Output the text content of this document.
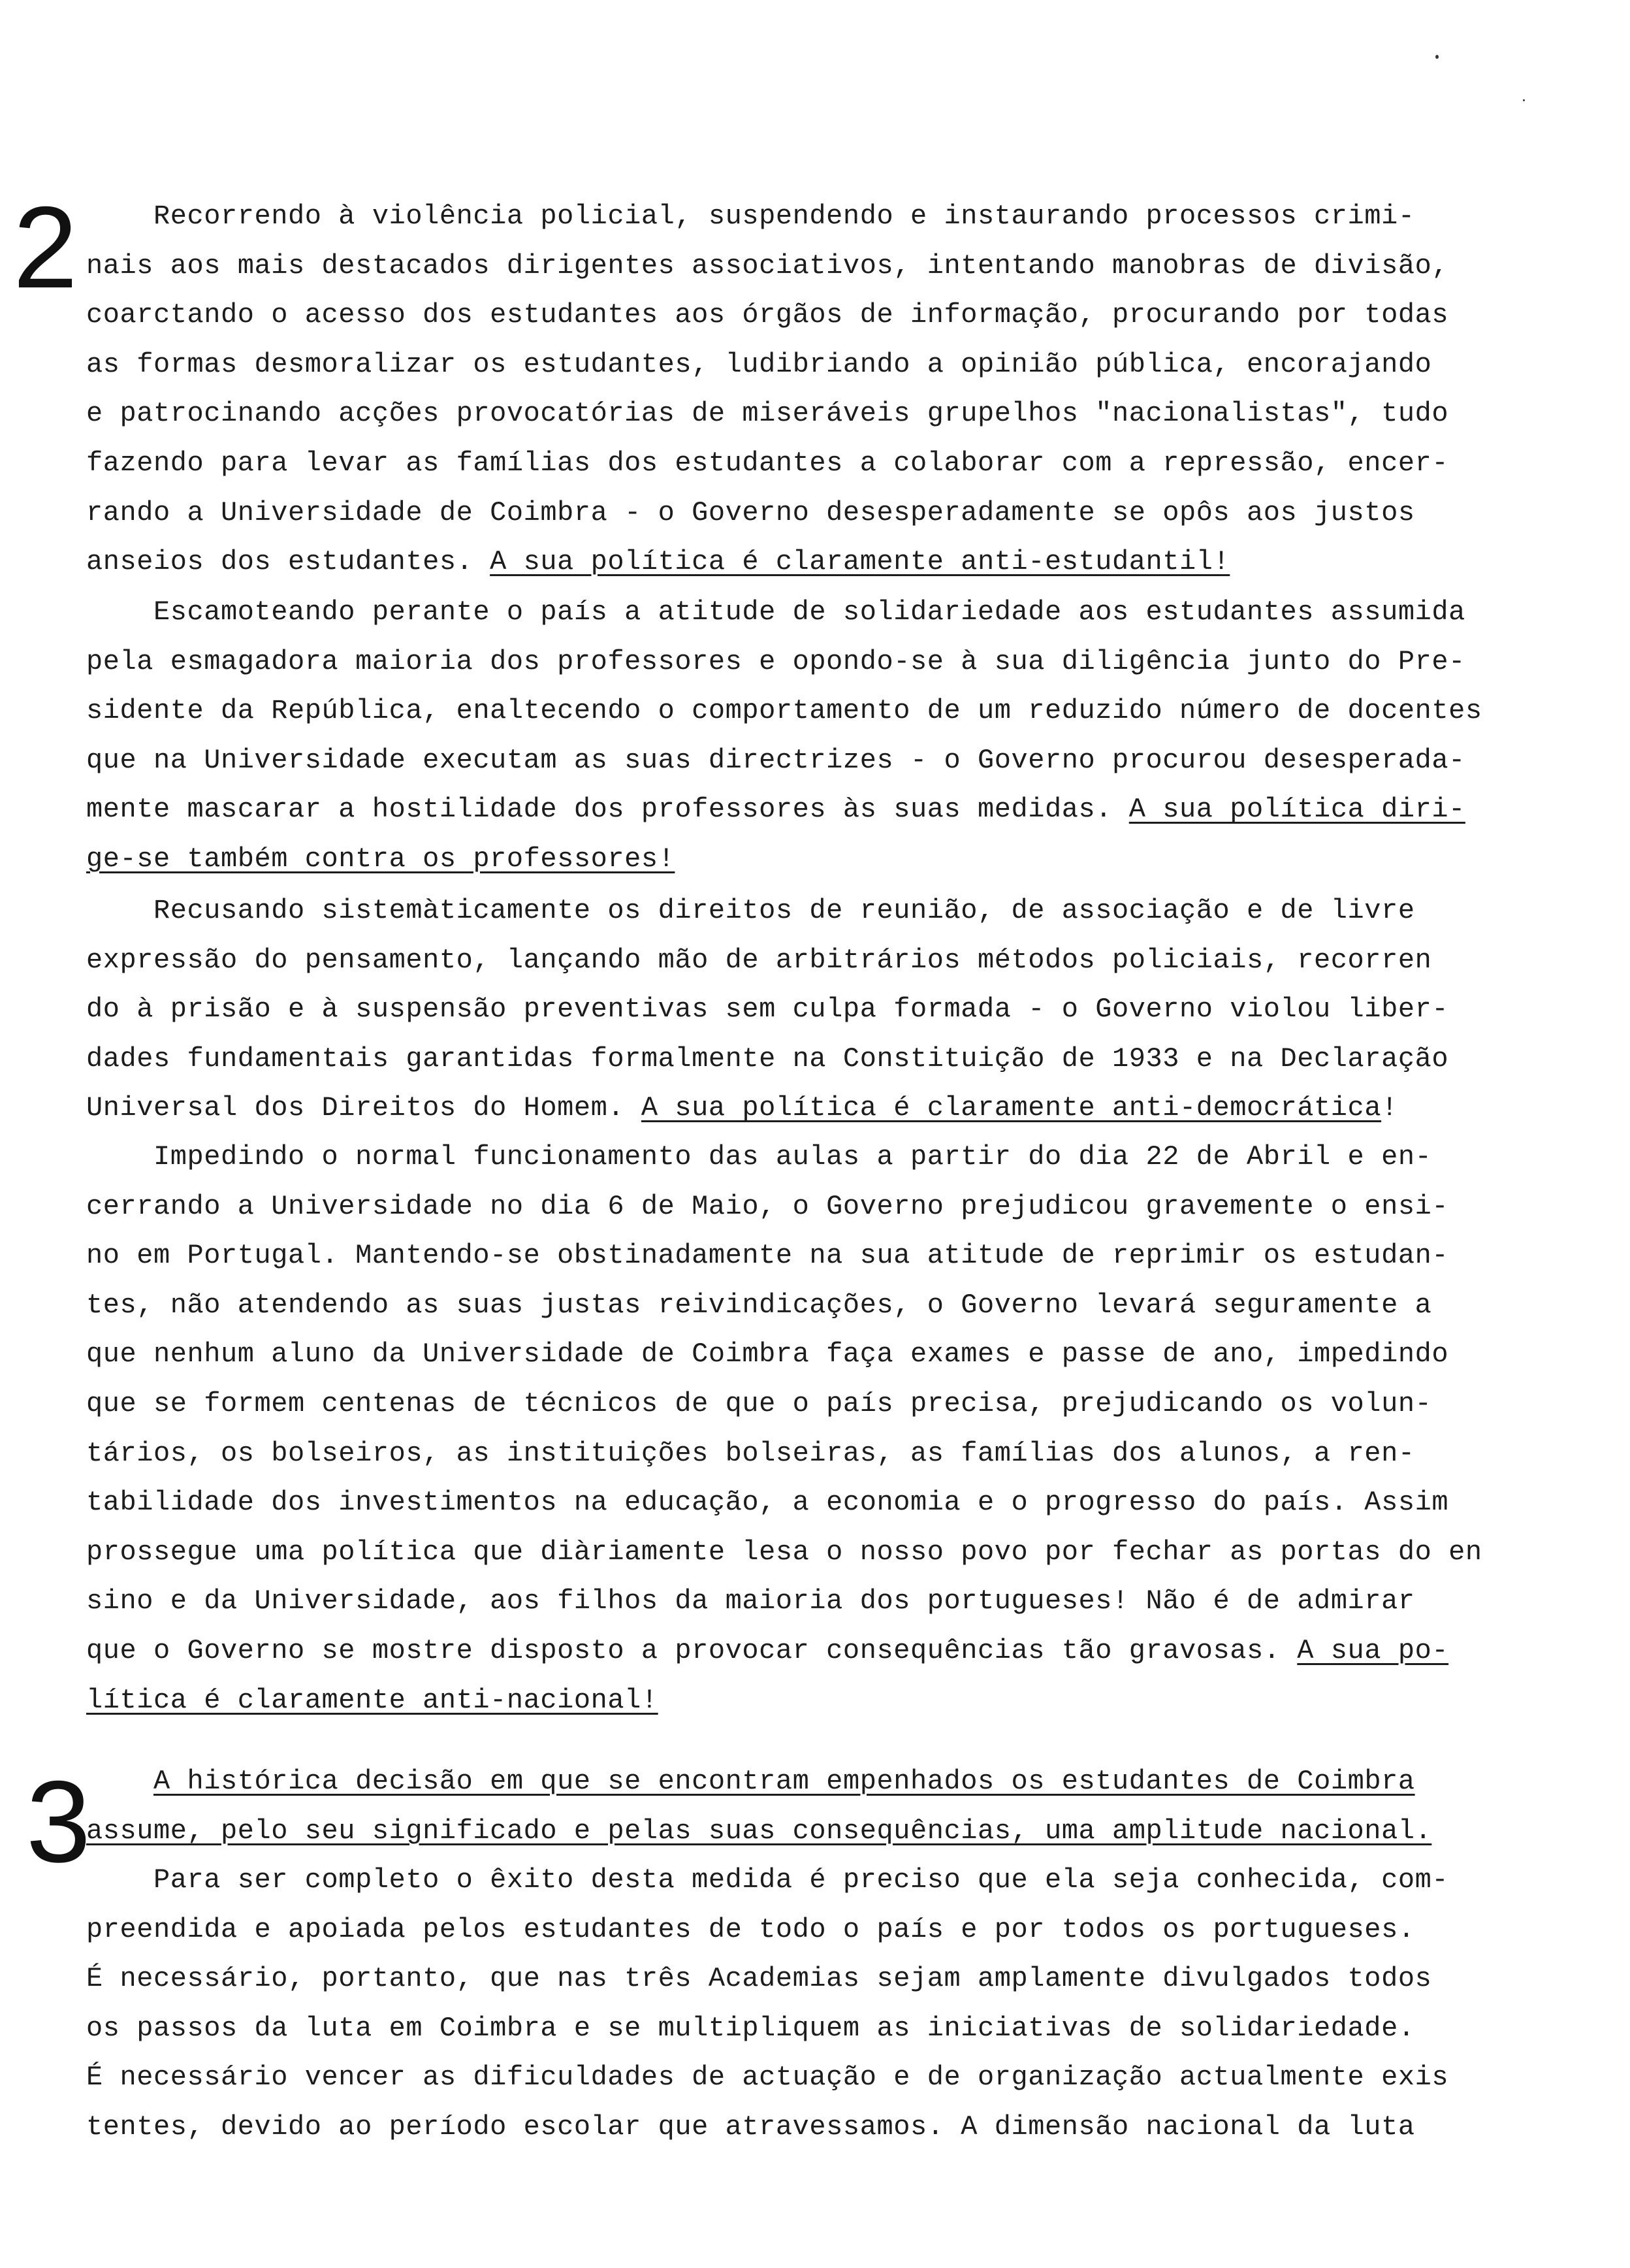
2
3
Recorrendo à violência policial, suspendendo e instaurando processos crimi-
nais aos mais destacados dirigentes associativos, intentando manobras de divisão,
coarctando o acesso dos estudantes aos órgãos de informação, procurando por todas
as formas desmoralizar os estudantes, ludibriando a opinião pública, encorajando
e patrocinando acções provocatórias de miseráveis grupelhos "nacionalistas", tudo
fazendo para levar as famílias dos estudantes a colaborar com a repressão, encer-
rando a Universidade de Coimbra - o Governo desesperadamente se opôs aos justos
anseios dos estudantes. A sua política é claramente anti-estudantil!
Escamoteando perante o país a atitude de solidariedade aos estudantes assumida
pela esmagadora maioria dos professores e opondo-se à sua diligência junto do Pre-
sidente da República, enaltecendo o comportamento de um reduzido número de docentes
que na Universidade executam as suas directrizes - o Governo procurou desesperada-
mente mascarar a hostilidade dos professores às suas medidas. A sua política diri-
ge-se também contra os professores!
Recusando sistemàticamente os direitos de reunião, de associação e de livre
expressão do pensamento, lançando mão de arbitrários métodos policiais, recorren
do à prisão e à suspensão preventivas sem culpa formada - o Governo violou liber-
dades fundamentais garantidas formalmente na Constituição de 1933 e na Declaração
Universal dos Direitos do Homem. A sua política é claramente anti-democrática!
Impedindo o normal funcionamento das aulas a partir do dia 22 de Abril e en-
cerrando a Universidade no dia 6 de Maio, o Governo prejudicou gravemente o ensi-
no em Portugal. Mantendo-se obstinadamente na sua atitude de reprimir os estudan-
tes, não atendendo as suas justas reivindicações, o Governo levará seguramente a
que nenhum aluno da Universidade de Coimbra faça exames e passe de ano, impedindo
que se formem centenas de técnicos de que o país precisa, prejudicando os volun-
tários, os bolseiros, as instituições bolseiras, as famílias dos alunos, a ren-
tabilidade dos investimentos na educação, a economia e o progresso do país. Assim
prossegue uma política que diàriamente lesa o nosso povo por fechar as portas do en
sino e da Universidade, aos filhos da maioria dos portugueses! Não é de admirar
que o Governo se mostre disposto a provocar consequências tão gravosas. A sua po-
lítica é claramente anti-nacional!
A histórica decisão em que se encontram empenhados os estudantes de Coimbra
assume, pelo seu significado e pelas suas consequências, uma amplitude nacional.
Para ser completo o êxito desta medida é preciso que ela seja conhecida, com-
preendida e apoiada pelos estudantes de todo o país e por todos os portugueses.
É necessário, portanto, que nas três Academias sejam amplamente divulgados todos
os passos da luta em Coimbra e se multipliquem as iniciativas de solidariedade.
É necessário vencer as dificuldades de actuação e de organização actualmente exis
tentes, devido ao período escolar que atravessamos. A dimensão nacional da luta
